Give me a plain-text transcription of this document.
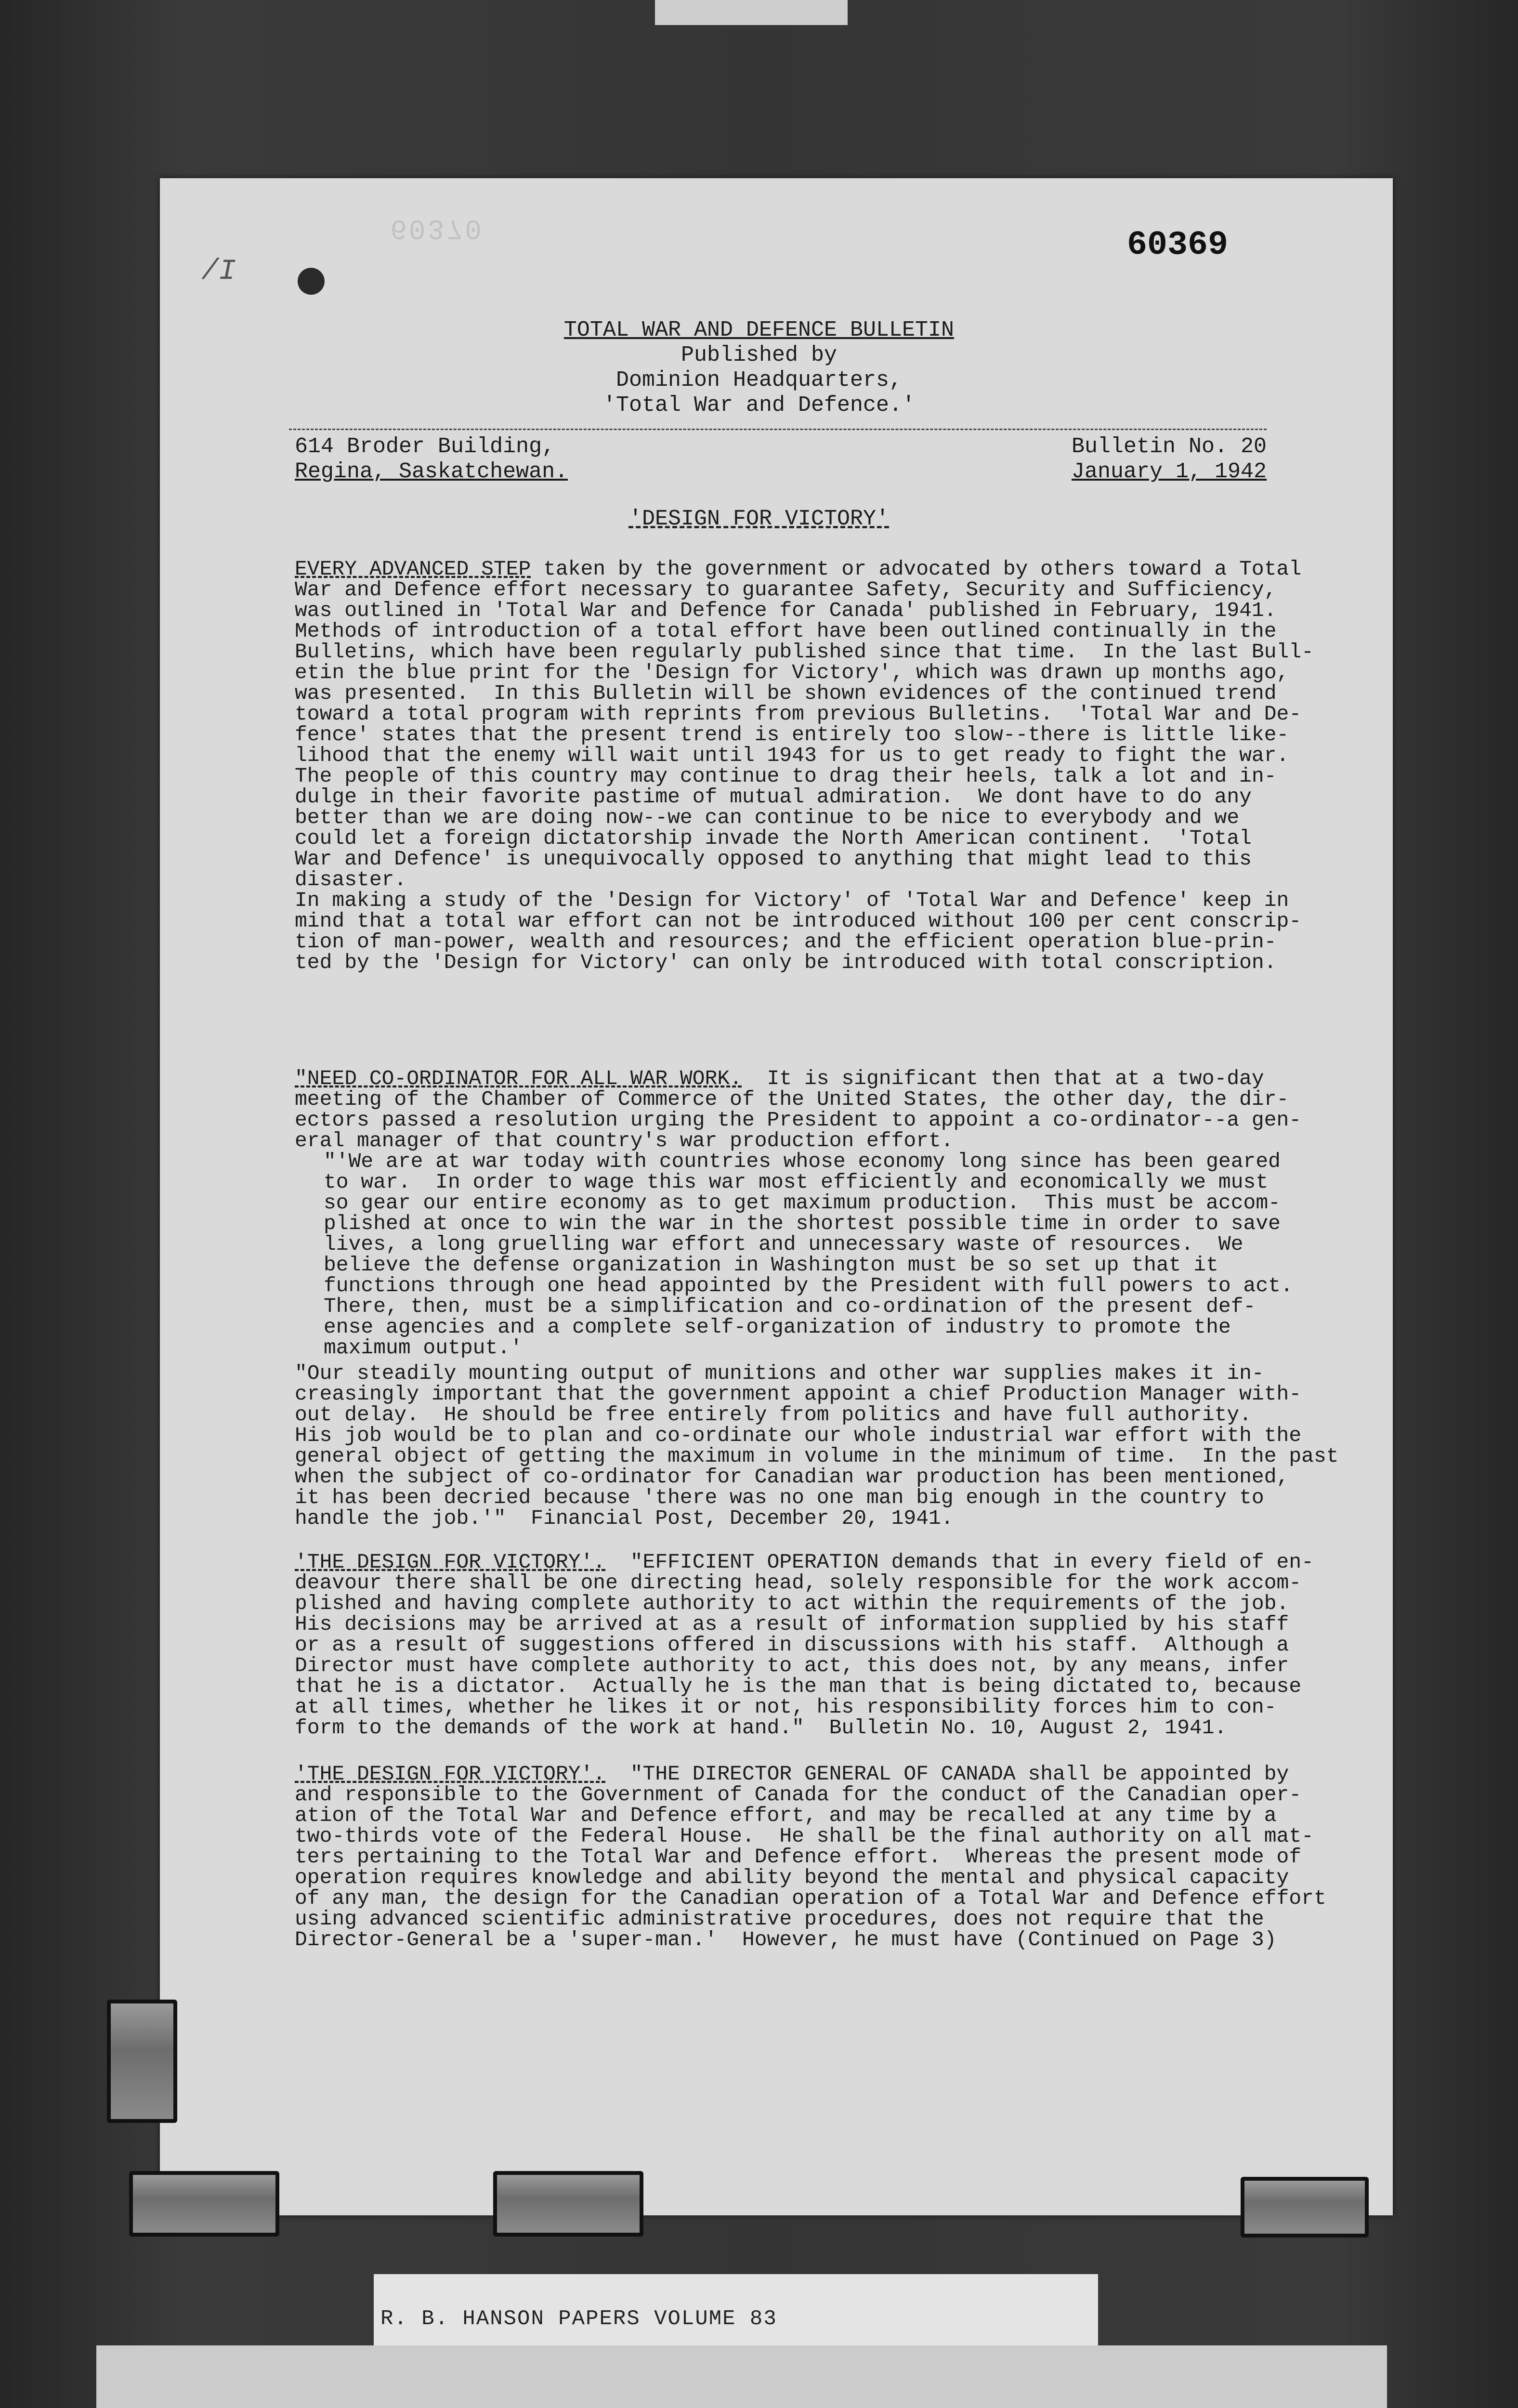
60370
/I
60369
TOTAL WAR AND DEFENCE BULLETIN
Published by
Dominion Headquarters,
'Total War and Defence.'
614 Broder Building,
Regina, Saskatchewan.
Bulletin No. 20
January 1, 1942
'DESIGN FOR VICTORY'
EVERY ADVANCED STEP taken by the government or advocated by others toward a Total
War and Defence effort necessary to guarantee Safety, Security and Sufficiency,
was outlined in 'Total War and Defence for Canada' published in February, 1941.
Methods of introduction of a total effort have been outlined continually in the
Bulletins, which have been regularly published since that time.  In the last Bull-
etin the blue print for the 'Design for Victory', which was drawn up months ago,
was presented.  In this Bulletin will be shown evidences of the continued trend
toward a total program with reprints from previous Bulletins.  'Total War and De-
fence' states that the present trend is entirely too slow--there is little like-
lihood that the enemy will wait until 1943 for us to get ready to fight the war.
The people of this country may continue to drag their heels, talk a lot and in-
dulge in their favorite pastime of mutual admiration.  We dont have to do any
better than we are doing now--we can continue to be nice to everybody and we
could let a foreign dictatorship invade the North American continent.  'Total
War and Defence' is unequivocally opposed to anything that might lead to this
disaster.
In making a study of the 'Design for Victory' of 'Total War and Defence' keep in
mind that a total war effort can not be introduced without 100 per cent conscrip-
tion of man-power, wealth and resources; and the efficient operation blue-prin-
ted by the 'Design for Victory' can only be introduced with total conscription.
"NEED CO-ORDINATOR FOR ALL WAR WORK.  It is significant then that at a two-day
meeting of the Chamber of Commerce of the United States, the other day, the dir-
ectors passed a resolution urging the President to appoint a co-ordinator--a gen-
eral manager of that country's war production effort.
"'We are at war today with countries whose economy long since has been geared
to war.  In order to wage this war most efficiently and economically we must
so gear our entire economy as to get maximum production.  This must be accom-
plished at once to win the war in the shortest possible time in order to save
lives, a long gruelling war effort and unnecessary waste of resources.  We
believe the defense organization in Washington must be so set up that it
functions through one head appointed by the President with full powers to act.
There, then, must be a simplification and co-ordination of the present def-
ense agencies and a complete self-organization of industry to promote the
maximum output.'
"Our steadily mounting output of munitions and other war supplies makes it in-
creasingly important that the government appoint a chief Production Manager with-
out delay.  He should be free entirely from politics and have full authority.
His job would be to plan and co-ordinate our whole industrial war effort with the
general object of getting the maximum in volume in the minimum of time.  In the past
when the subject of co-ordinator for Canadian war production has been mentioned,
it has been decried because 'there was no one man big enough in the country to
handle the job.'"  Financial Post, December 20, 1941.
'THE DESIGN FOR VICTORY'.  "EFFICIENT OPERATION demands that in every field of en-
deavour there shall be one directing head, solely responsible for the work accom-
plished and having complete authority to act within the requirements of the job.
His decisions may be arrived at as a result of information supplied by his staff
or as a result of suggestions offered in discussions with his staff.  Although a
Director must have complete authority to act, this does not, by any means, infer
that he is a dictator.  Actually he is the man that is being dictated to, because
at all times, whether he likes it or not, his responsibility forces him to con-
form to the demands of the work at hand."  Bulletin No. 10, August 2, 1941.
'THE DESIGN FOR VICTORY'.  "THE DIRECTOR GENERAL OF CANADA shall be appointed by
and responsible to the Government of Canada for the conduct of the Canadian oper-
ation of the Total War and Defence effort, and may be recalled at any time by a
two-thirds vote of the Federal House.  He shall be the final authority on all mat-
ters pertaining to the Total War and Defence effort.  Whereas the present mode of
operation requires knowledge and ability beyond the mental and physical capacity
of any man, the design for the Canadian operation of a Total War and Defence effort
using advanced scientific administrative procedures, does not require that the
Director-General be a 'super-man.'  However, he must have (Continued on Page 3)
R. B. HANSON PAPERS VOLUME 83
